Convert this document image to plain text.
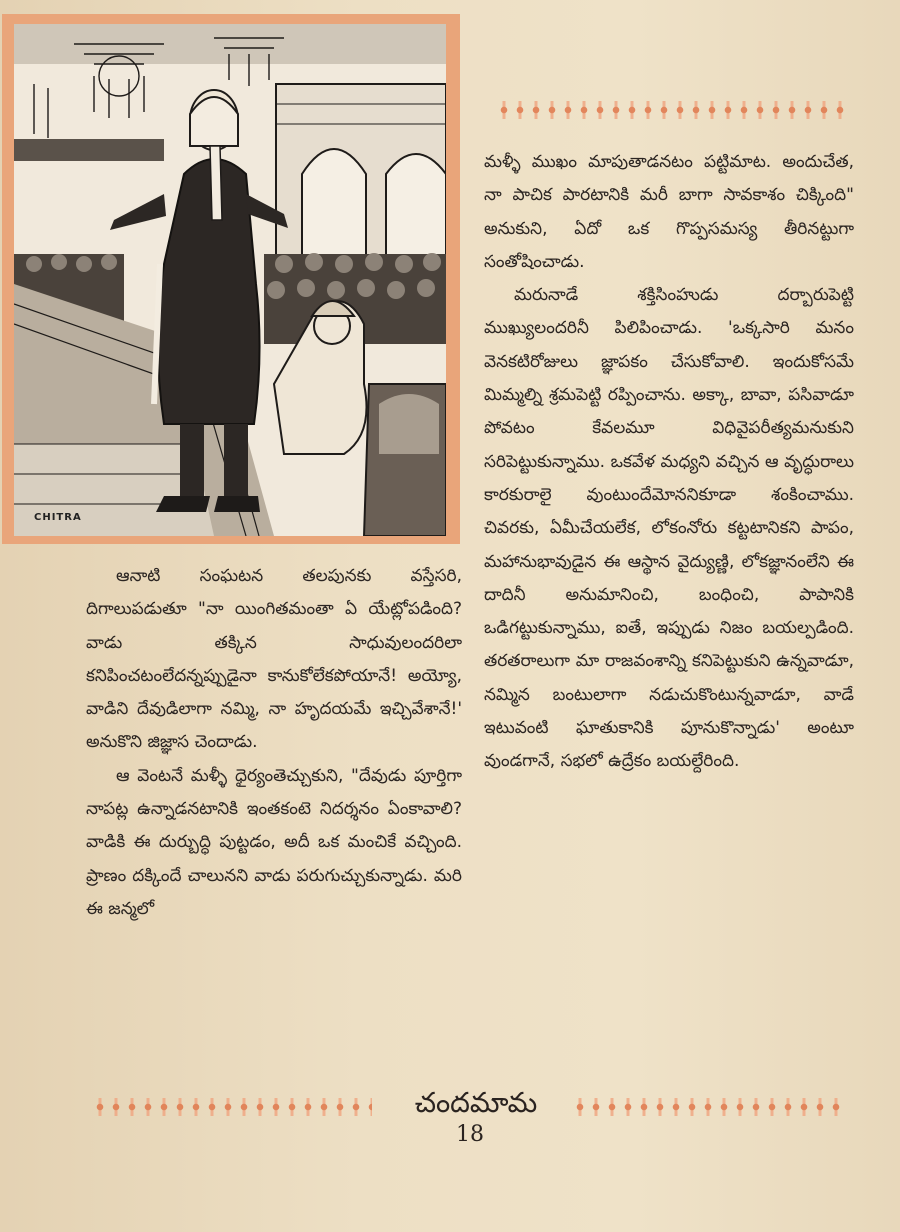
CHITRA

మళ్ళీ ముఖం మాపుతాడనటం పట్టిమాట. అందుచేత, నా పాచిక పారటానికి మరీ బాగా సావకాశం చిక్కింది" అనుకుని, ఏదో ఒక గొప్పసమస్య తీరినట్టుగా సంతోషించాడు.

మరునాడే శక్తిసింహుడు దర్బారుపెట్టి ముఖ్యులందరినీ పిలిపించాడు. 'ఒక్కసారి మనం వెనకటిరోజులు జ్ఞాపకం చేసుకోవాలి. ఇందుకోసమే మిమ్మల్ని శ్రమపెట్టి రప్పించాను. అక్కా, బావా, పసివాడూ పోవటం కేవలమూ విధివైపరీత్యమనుకుని సరిపెట్టుకున్నాము. ఒకవేళ మధ్యని వచ్చిన ఆ వృద్ధురాలు కారకురాలై వుంటుందేమోననికూడా శంకించాము. చివరకు, ఏమీచేయలేక, లోకంనోరు కట్టటానికని పాపం, మహానుభావుడైన ఈ ఆస్థాన వైద్యుణ్ణి, లోకజ్ఞానంలేని ఈ దాదినీ అనుమానించి, బంధించి, పాపానికి ఒడిగట్టుకున్నాము, ఐతే, ఇప్పుడు నిజం బయల్పడింది. తరతరాలుగా మా రాజవంశాన్ని కనిపెట్టుకుని ఉన్నవాడూ, నమ్మిన బంటులాగా నడుచుకొంటున్నవాడూ, వాడే ఇటువంటి ఘాతుకానికి పూనుకొన్నాడు' అంటూ వుండగానే, సభలో ఉద్రేకం బయల్దేరింది.

ఆనాటి సంఘటన తలపునకు వస్తేసరి, దిగాలుపడుతూ "నా యింగితమంతా ఏ యేట్లోపడింది? వాడు తక్కిన సాధువులందరిలా కనిపించటంలేదన్నప్పుడైనా కానుకోలేకపోయానే! అయ్యో, వాడిని దేవుడిలాగా నమ్మి, నా హృదయమే ఇచ్చివేశానే!' అనుకొని జిజ్ఞాస చెందాడు.

ఆ వెంటనే మళ్ళీ ధైర్యంతెచ్చుకుని, "దేవుడు పూర్తిగా నాపట్ల ఉన్నాడనటానికి ఇంతకంటె నిదర్శనం ఏంకావాలి? వాడికి ఈ దుర్బుద్ధి పుట్టడం, అదీ ఒక మంచికే వచ్చింది. ప్రాణం దక్కిందే చాలునని వాడు పరుగుచ్చుకున్నాడు. మరి ఈ జన్మలో

చందమామ
18
